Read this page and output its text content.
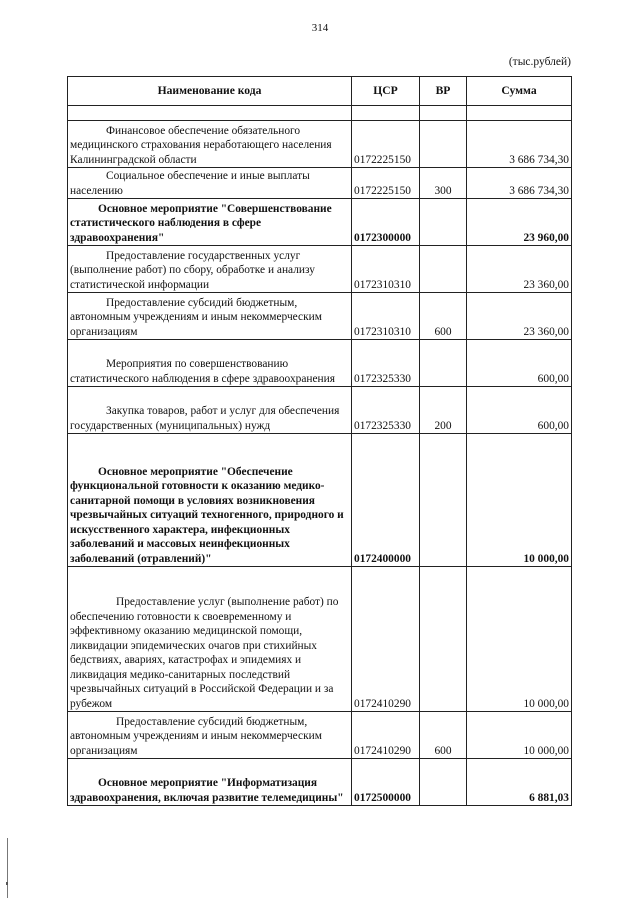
314
(тыс.рублей)
Наименование кода	ЦСР	ВР	Сумма

Финансовое обеспечение обязательного медицинского страхования неработающего населения Калининградской области	0172225150		3 686 734,30

Социальное обеспечение и иные выплаты населению	0172225150	300	3 686 734,30

Основное мероприятие "Совершенствование статистического наблюдения в сфере здравоохранения"	0172300000		23 960,00

Предоставление государственных услуг (выполнение работ) по сбору, обработке и анализу статистической информации	0172310310		23 360,00

Предоставление субсидий бюджетным, автономным учреждениям и иным некоммерческим организациям	0172310310	600	23 360,00

Мероприятия по совершенствованию статистического наблюдения в сфере здравоохранения	0172325330		600,00

Закупка товаров, работ и услуг для обеспечения государственных (муниципальных) нужд	0172325330	200	600,00

Основное мероприятие "Обеспечение функциональной готовности к оказанию медико-санитарной помощи в условиях возникновения чрезвычайных ситуаций техногенного, природного и искусственного характера, инфекционных заболеваний и массовых неинфекционных заболеваний (отравлений)"	0172400000		10 000,00

Предоставление услуг (выполнение работ) по обеспечению готовности к своевременному и эффективному оказанию медицинской помощи, ликвидации эпидемических очагов при стихийных бедствиях, авариях, катастрофах и эпидемиях и ликвидация медико-санитарных последствий чрезвычайных ситуаций в Российской Федерации и за рубежом	0172410290		10 000,00

Предоставление субсидий бюджетным, автономным учреждениям и иным некоммерческим организациям	0172410290	600	10 000,00

Основное мероприятие "Информатизация здравоохранения, включая развитие телемедицины"	0172500000		6 881,03
